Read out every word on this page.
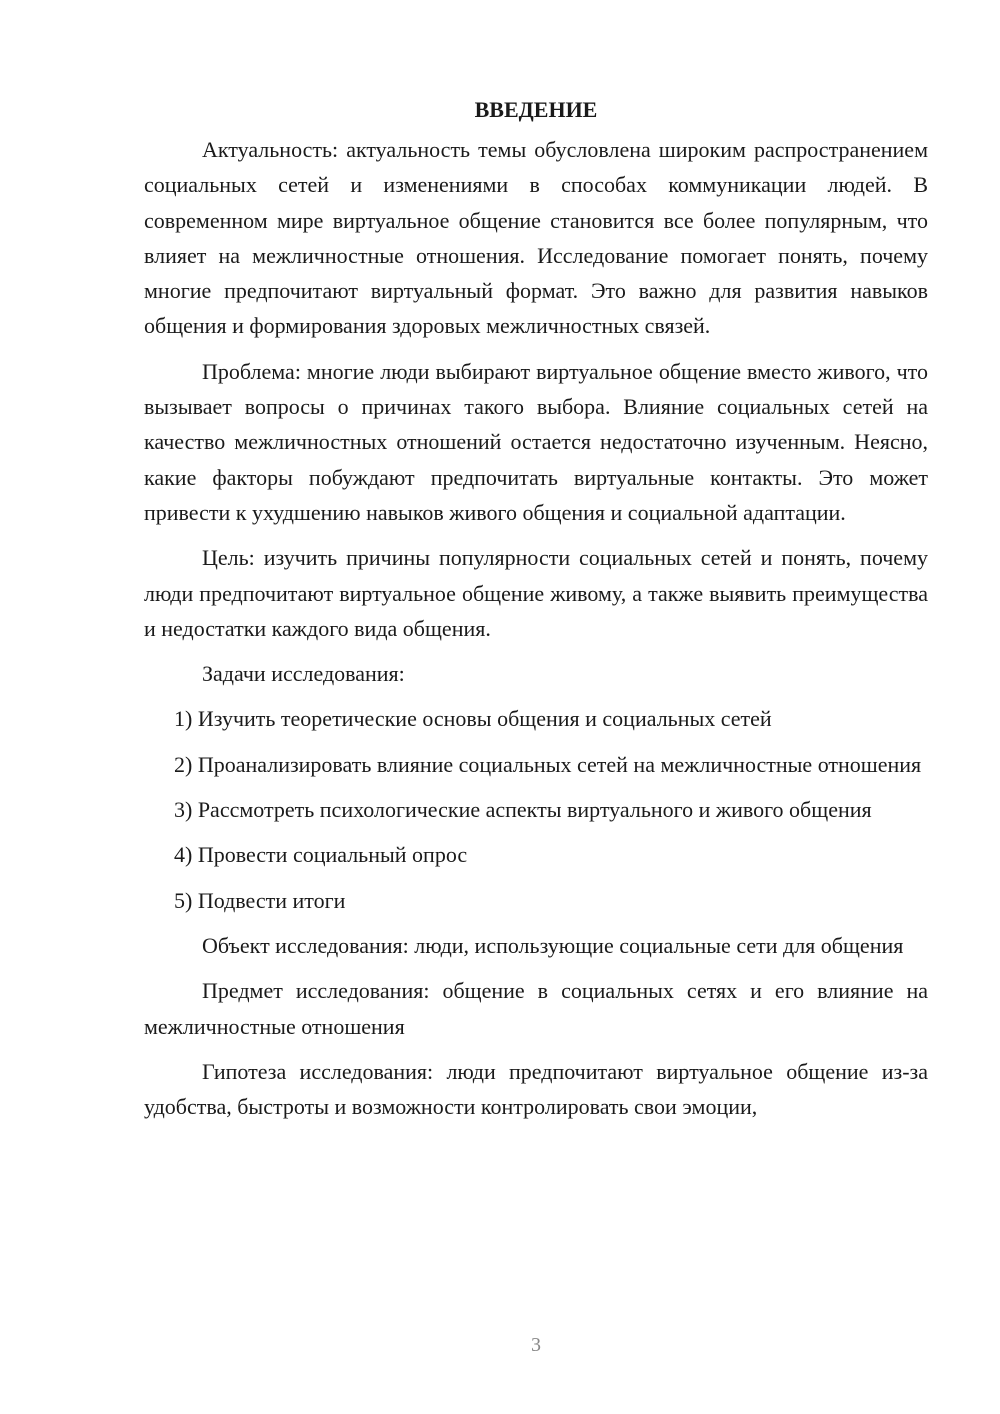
ВВЕДЕНИЕ

Актуальность: актуальность темы обусловлена широким распространением социальных сетей и изменениями в способах коммуникации людей. В современном мире виртуальное общение становится все более популярным, что влияет на межличностные отношения. Исследование помогает понять, почему многие предпочитают виртуальный формат. Это важно для развития навыков общения и формирования здоровых межличностных связей.

Проблема: многие люди выбирают виртуальное общение вместо живого, что вызывает вопросы о причинах такого выбора. Влияние социальных сетей на качество межличностных отношений остается недостаточно изученным. Неясно, какие факторы побуждают предпочитать виртуальные контакты. Это может привести к ухудшению навыков живого общения и социальной адаптации.

Цель: изучить причины популярности социальных сетей и понять, почему люди предпочитают виртуальное общение живому, а также выявить преимущества и недостатки каждого вида общения.

Задачи исследования:

1) Изучить теоретические основы общения и социальных сетей

2) Проанализировать влияние социальных сетей на межличностные отношения

3) Рассмотреть психологические аспекты виртуального и живого общения

4) Провести социальный опрос

5) Подвести итоги

Объект исследования: люди, использующие социальные сети для общения

Предмет исследования: общение в социальных сетях и его влияние на межличностные отношения

Гипотеза исследования: люди предпочитают виртуальное общение из-за удобства, быстроты и возможности контролировать свои эмоции,

3
